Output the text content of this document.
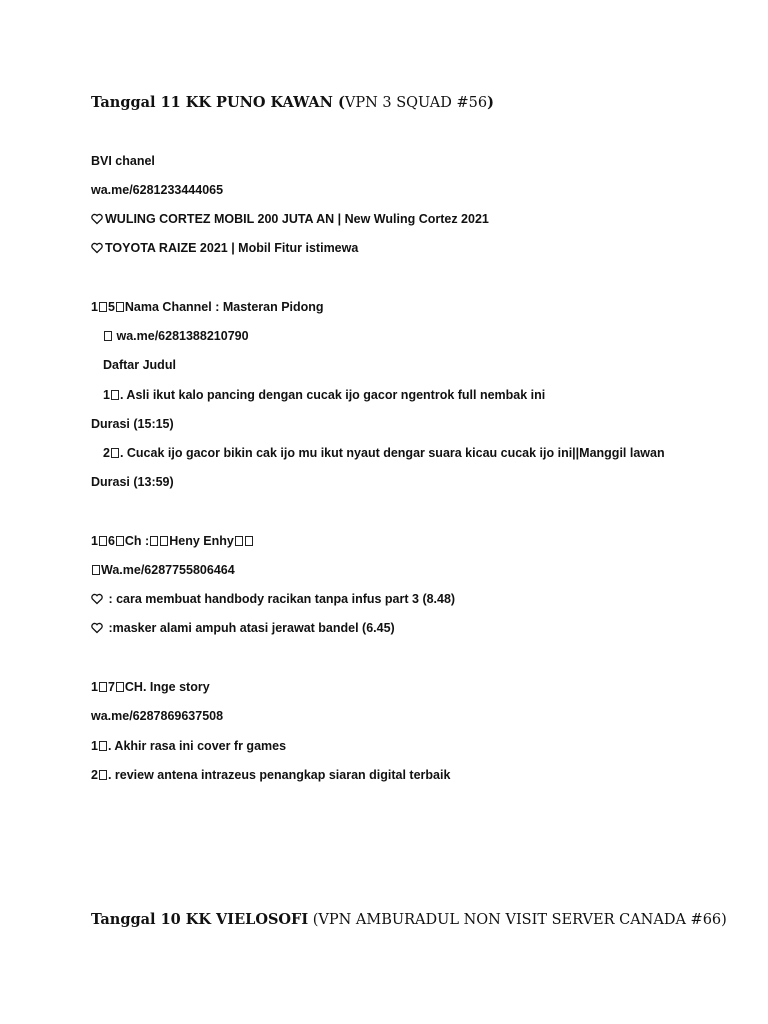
Tanggal 11 KK PUNO KAWAN (VPN 3 SQUAD #56)
BVI chanel
wa.me/6281233444065
WULING CORTEZ MOBIL 200 JUTA AN | New Wuling Cortez 2021
TOYOTA RAIZE 2021 | Mobil Fitur istimewa
1 5 Nama Channel : Masteran Pidong
wa.me/6281388210790
Daftar Judul
1 . Asli ikut kalo pancing dengan cucak ijo gacor ngentrok full nembak ini
Durasi (15:15)
2 . Cucak ijo gacor bikin cak ijo mu ikut nyaut dengar suara kicau cucak ijo ini||Manggil lawan
Durasi (13:59)
1 6 Ch : Heny Enhy
Wa.me/6287755806464
: cara membuat handbody racikan tanpa infus part 3 (8.48)
:masker alami ampuh atasi jerawat bandel (6.45)
1 7 CH. Inge story
wa.me/6287869637508
1 . Akhir rasa ini cover fr games
2 . review antena intrazeus penangkap siaran digital terbaik
Tanggal 10 KK VIELOSOFI (VPN AMBURADUL NON VISIT SERVER CANADA #66)
